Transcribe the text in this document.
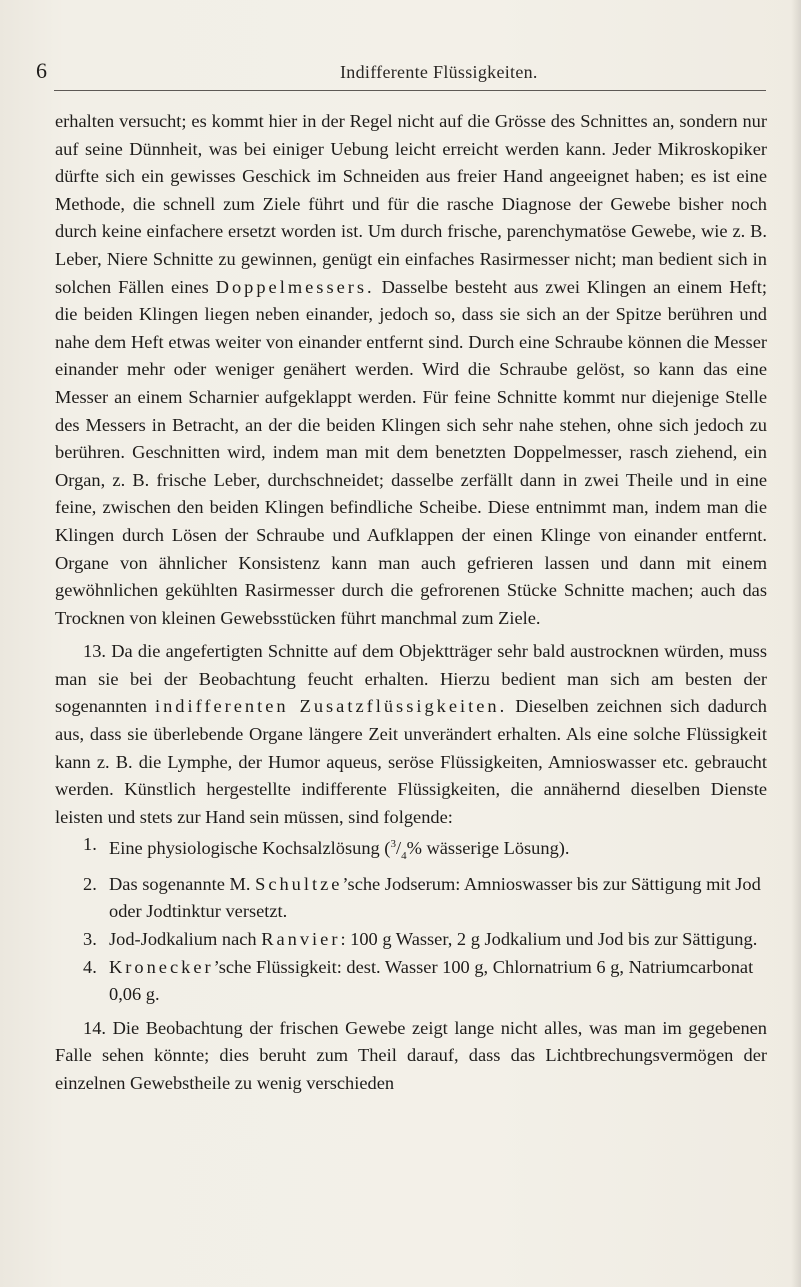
6	Indifferente Flüssigkeiten.

erhalten versucht; es kommt hier in der Regel nicht auf die Grösse des Schnittes an, sondern nur auf seine Dünnheit, was bei einiger Uebung leicht erreicht werden kann. Jeder Mikroskopiker dürfte sich ein gewisses Geschick im Schneiden aus freier Hand angeeignet haben; es ist eine Methode, die schnell zum Ziele führt und für die rasche Diagnose der Gewebe bisher noch durch keine einfachere ersetzt worden ist. Um durch frische, parenchymatöse Gewebe, wie z. B. Leber, Niere Schnitte zu gewinnen, genügt ein einfaches Rasirmesser nicht; man bedient sich in solchen Fällen eines Doppelmessers. Dasselbe besteht aus zwei Klingen an einem Heft; die beiden Klingen liegen neben einander, jedoch so, dass sie sich an der Spitze berühren und nahe dem Heft etwas weiter von einander entfernt sind. Durch eine Schraube können die Messer einander mehr oder weniger genähert werden. Wird die Schraube gelöst, so kann das eine Messer an einem Scharnier aufgeklappt werden. Für feine Schnitte kommt nur diejenige Stelle des Messers in Betracht, an der die beiden Klingen sich sehr nahe stehen, ohne sich jedoch zu berühren. Geschnitten wird, indem man mit dem benetzten Doppelmesser, rasch ziehend, ein Organ, z. B. frische Leber, durchschneidet; dasselbe zerfällt dann in zwei Theile und in eine feine, zwischen den beiden Klingen befindliche Scheibe. Diese entnimmt man, indem man die Klingen durch Lösen der Schraube und Aufklappen der einen Klinge von einander entfernt. Organe von ähnlicher Konsistenz kann man auch gefrieren lassen und dann mit einem gewöhnlichen gekühlten Rasirmesser durch die gefrorenen Stücke Schnitte machen; auch das Trocknen von kleinen Gewebsstücken führt manchmal zum Ziele.

13. Da die angefertigten Schnitte auf dem Objektträger sehr bald austrocknen würden, muss man sie bei der Beobachtung feucht erhalten. Hierzu bedient man sich am besten der sogenannten indifferenten Zusatzflüssigkeiten. Dieselben zeichnen sich dadurch aus, dass sie überlebende Organe längere Zeit unverändert erhalten. Als eine solche Flüssigkeit kann z. B. die Lymphe, der Humor aqueus, seröse Flüssigkeiten, Amnioswasser etc. gebraucht werden. Künstlich hergestellte indifferente Flüssigkeiten, die annähernd dieselben Dienste leisten und stets zur Hand sein müssen, sind folgende:

1. Eine physiologische Kochsalzlösung ($^3/_4\%$ wässerige Lösung).
2. Das sogenannte M. Schultze’sche Jodserum: Amnioswasser bis zur Sättigung mit Jod oder Jodtinktur versetzt.
3. Jod-Jodkalium nach Ranvier: 100 g Wasser, 2 g Jodkalium und Jod bis zur Sättigung.
4. Kronecker’sche Flüssigkeit: dest. Wasser 100 g, Chlornatrium 6 g, Natriumcarbonat 0,06 g.

14. Die Beobachtung der frischen Gewebe zeigt lange nicht alles, was man im gegebenen Falle sehen könnte; dies beruht zum Theil darauf, dass das Lichtbrechungsvermögen der einzelnen Gewebstheile zu wenig verschieden
